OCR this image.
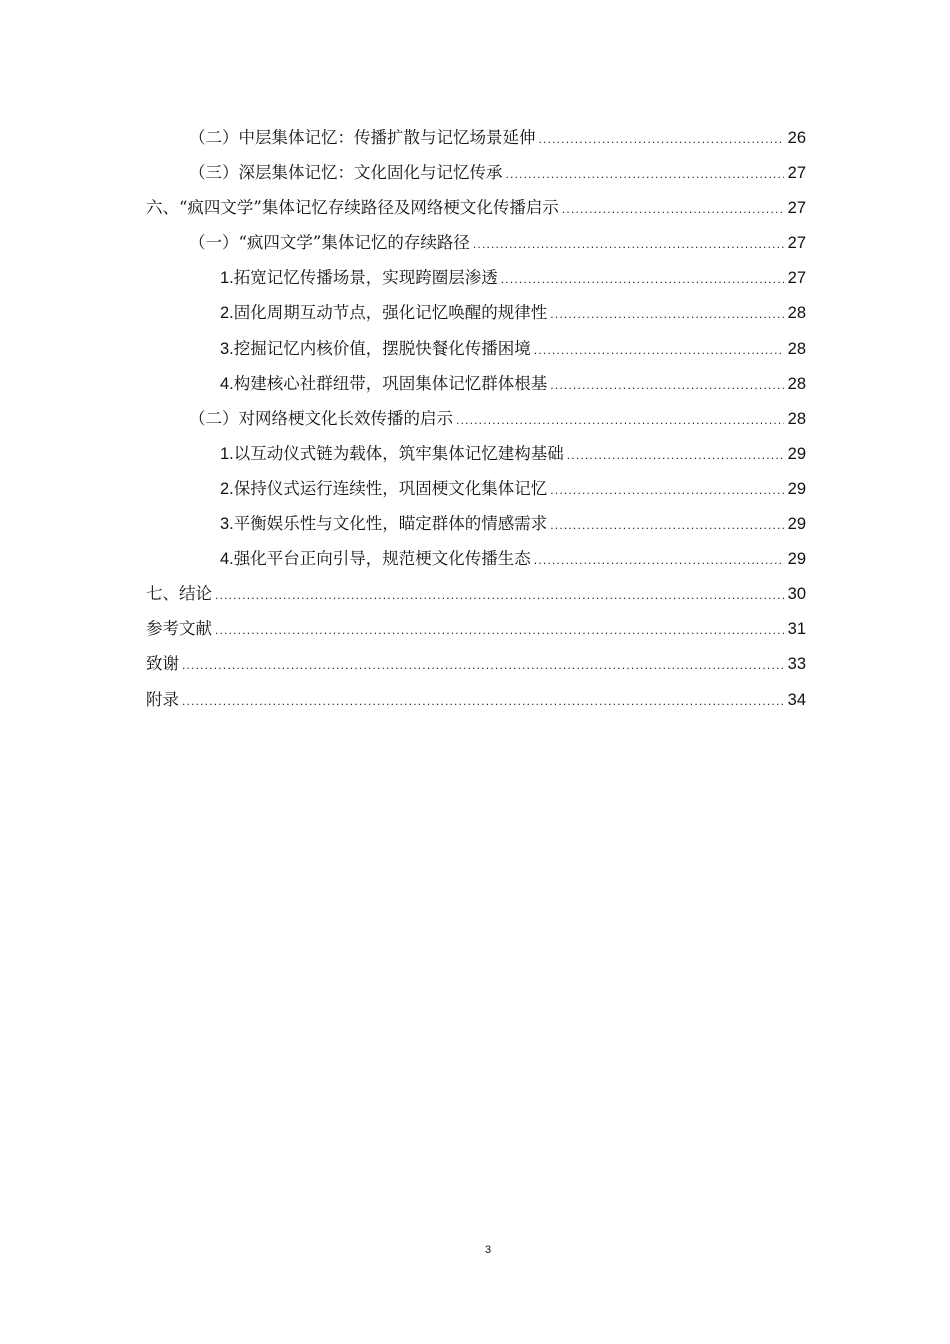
（二）中层集体记忆：传播扩散与记忆场景延伸 .....	26
（三）深层集体记忆：文化固化与记忆传承 .....	27
六、“疯四文学”集体记忆存续路径及网络梗文化传播启示 .....	27
（一）“疯四文学”集体记忆的存续路径 .....	27
1.拓宽记忆传播场景，实现跨圈层渗透 .....	27
2.固化周期互动节点，强化记忆唤醒的规律性 .....	28
3.挖掘记忆内核价值，摆脱快餐化传播困境 .....	28
4.构建核心社群纽带，巩固集体记忆群体根基 .....	28
（二）对网络梗文化长效传播的启示 .....	28
1.以互动仪式链为载体，筑牢集体记忆建构基础 .....	29
2.保持仪式运行连续性，巩固梗文化集体记忆 .....	29
3.平衡娱乐性与文化性，瞄定群体的情感需求 .....	29
4.强化平台正向引导，规范梗文化传播生态 .....	29
七、结论 .....	30
参考文献 .....	31
致谢 .....	33
附录 .....	34
3
